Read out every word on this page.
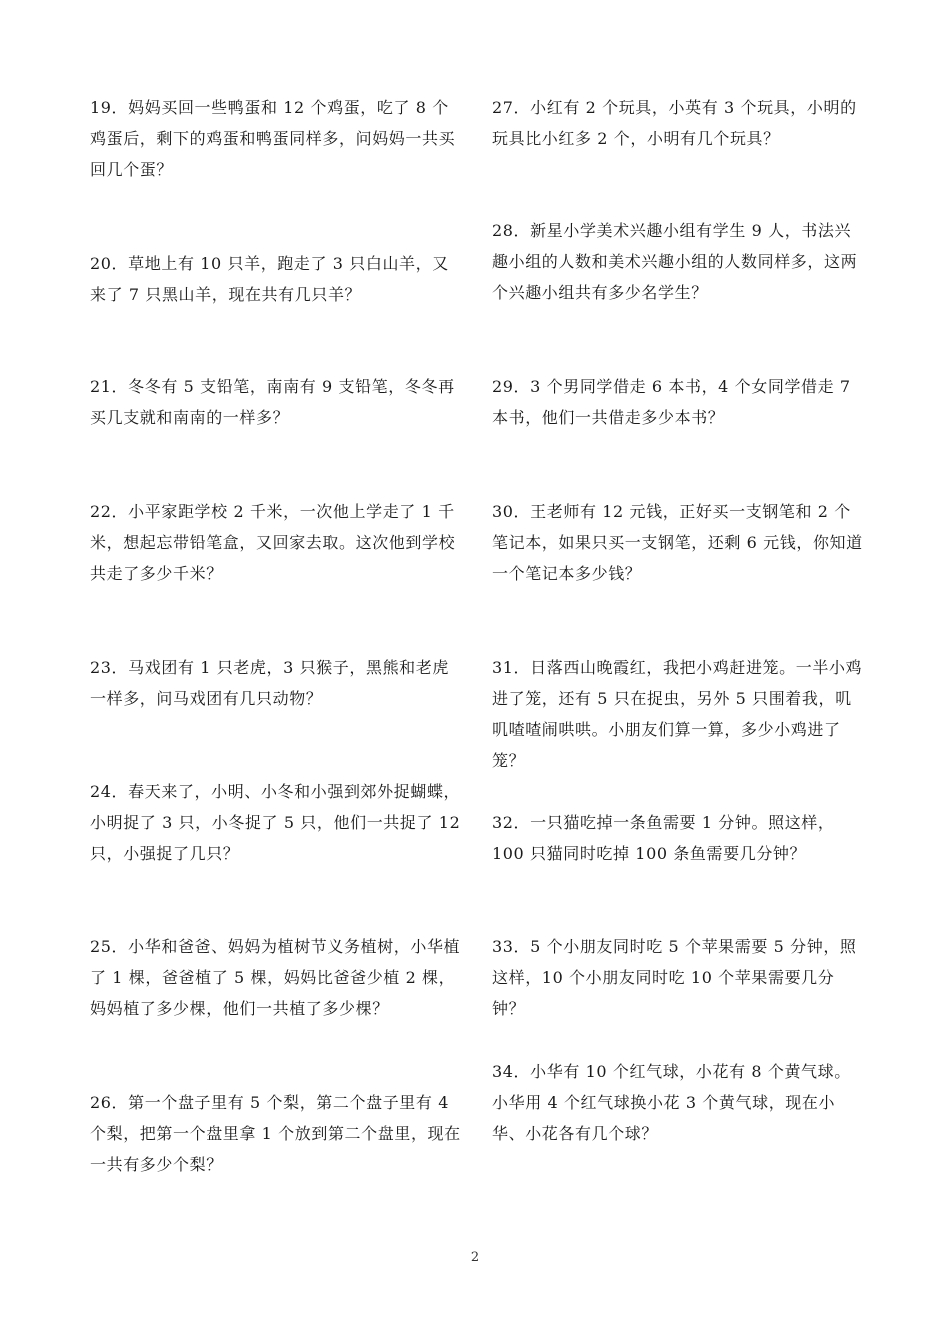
19．妈妈买回一些鸭蛋和 12 个鸡蛋，吃了 8 个鸡蛋后，剩下的鸡蛋和鸭蛋同样多，问妈妈一共买回几个蛋？

20．草地上有 10 只羊，跑走了 3 只白山羊，又来了 7 只黑山羊，现在共有几只羊？

21．冬冬有 5 支铅笔，南南有 9 支铅笔，冬冬再买几支就和南南的一样多？

22．小平家距学校 2 千米，一次他上学走了 1 千米，想起忘带铅笔盒，又回家去取。这次他到学校共走了多少千米？

23．马戏团有 1 只老虎，3 只猴子，黑熊和老虎一样多，问马戏团有几只动物？

24．春天来了，小明、小冬和小强到郊外捉蝴蝶，小明捉了 3 只，小冬捉了 5 只，他们一共捉了 12 只，小强捉了几只？

25．小华和爸爸、妈妈为植树节义务植树，小华植了 1 棵，爸爸植了 5 棵，妈妈比爸爸少植 2 棵，妈妈植了多少棵，他们一共植了多少棵？

26．第一个盘子里有 5 个梨，第二个盘子里有 4 个梨，把第一个盘里拿 1 个放到第二个盘里，现在一共有多少个梨？

27．小红有 2 个玩具，小英有 3 个玩具，小明的玩具比小红多 2 个，小明有几个玩具？

28．新星小学美术兴趣小组有学生 9 人，书法兴趣小组的人数和美术兴趣小组的人数同样多，这两个兴趣小组共有多少名学生？

29．3 个男同学借走 6 本书，4 个女同学借走 7 本书，他们一共借走多少本书？

30．王老师有 12 元钱，正好买一支钢笔和 2 个笔记本，如果只买一支钢笔，还剩 6 元钱，你知道一个笔记本多少钱？

31．日落西山晚霞红，我把小鸡赶进笼。一半小鸡进了笼，还有 5 只在捉虫，另外 5 只围着我，叽叽喳喳闹哄哄。小朋友们算一算，多少小鸡进了笼？

32．一只猫吃掉一条鱼需要 1 分钟。照这样，100 只猫同时吃掉 100 条鱼需要几分钟？

33．5 个小朋友同时吃 5 个苹果需要 5 分钟，照这样，10 个小朋友同时吃 10 个苹果需要几分钟？

34．小华有 10 个红气球，小花有 8 个黄气球。小华用 4 个红气球换小花 3 个黄气球，现在小华、小花各有几个球？

2
